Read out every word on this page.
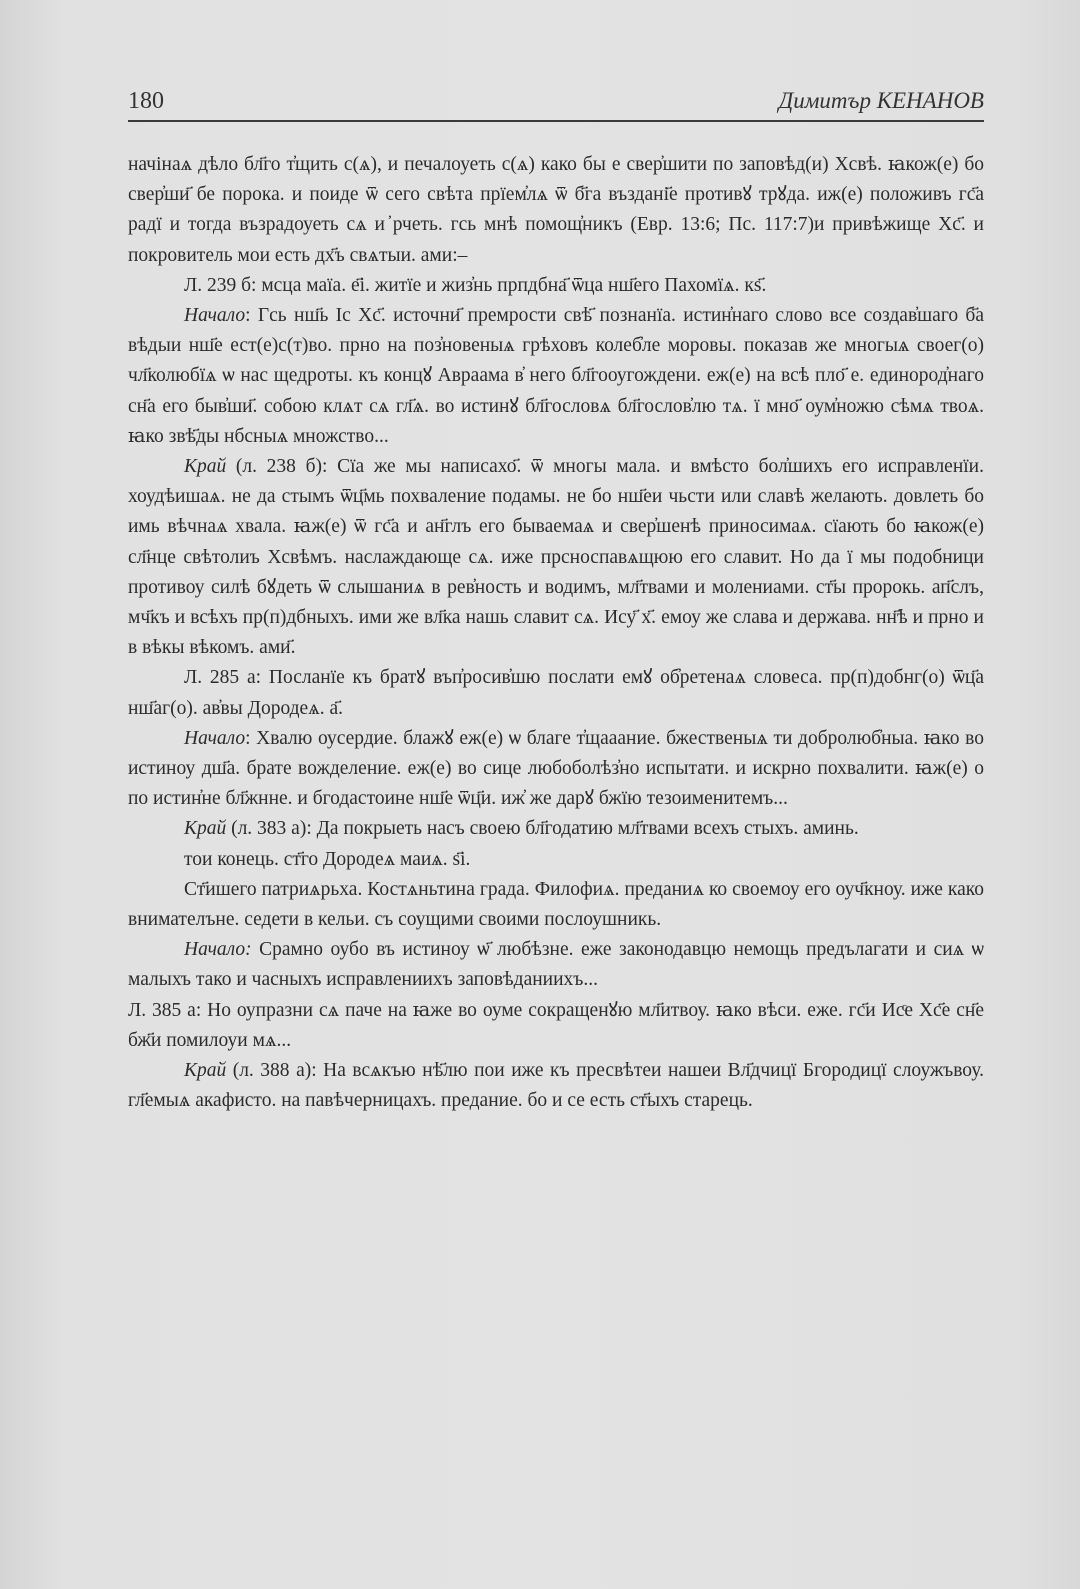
180	Димитър КЕНАНОВ

начінаѧ дѣло бл҃го т҆щить с(ѧ), и печалоуеть с(ѧ) како бы е свер҆шити по заповѣд(и) Хсвѣ. ꙗкож(е) бо свер҆ши҃ бе порока. и поиде ѿ сего свѣта прїем҆лѧ ѿ б҃га въздані҃е противꙋ трꙋда. иж(е) положивъ гс҃а радї и тогда възрадоуеть сѧ и ҆рчеть. гсь мнѣ помощ҆никъ (Евр. 13:6; Пс. 117:7)и привѣжище Хс҃. и покровитель мои есть дх҃ъ свѧтыи. ами:–

Л. 239 б: мсца маїа. е҃і. житїе и жиз҆нь прпдбна҃ ѿца нш҃его Пахомїѧ. кѕ҃.

Начало: Гсь нш҃ь Іс Хс҃. источни҃ премрости свѣ҃ познанїа. истин҆наго слово все создав҆шаго б҃а вѣдыи нш҃е ест(е)с(т)во. прно на поз҆новеныѧ грѣховъ колеб҆ле моровы. показав же многыѧ своег(о) чл҃колюбїѧ ѡ нас щедроты. къ концꙋ Авраама в҆ него бл҃гооугождени. еж(е) на всѣ пло҃ е. единород҆наго сн҃а его быв҆ши҃. собою клѧт сѧ гл҃ѧ. во истинꙋ бл҃гословѧ бл҃гослов҆лю тѧ. ї мно҃ оум҆ножю сѣмѧ твоѧ. ꙗко звѣ҃ды нбсныѧ множство...

Край (л. 238 б): Сїа же мы написахо҃. ѿ многы мала. и вмѣсто бол҆шихъ его исправленїи. хоудѣишаѧ. не да стымъ ѿц҃мь похваление подамы. не бо нш҃еи чьсти или славѣ желають. довлеть бо имь вѣчнаѧ хвала. ꙗж(е) ѿ гс҃а и ан҃глъ его бываемаѧ и свер҆шенѣ приносимаѧ. сїають бо ꙗкож(е) сл҃нце свѣтолиъ Хсвѣмъ. наслаждающе сѧ. иже прсноспавѧщюю его славит. Но да ї мы подобници противоу силѣ бꙋдеть ѿ слышаниѧ в рев҆ность и водимъ, мл҃твами и молениами. ст҃ы пророкь. ап҃слъ, мч҃къ и всѣхъ пр(п)дбныхъ. ими же вл҃ка нашь славит сѧ. Ису҃ х҃. емоу же слава и держава. нн҃ѣ и прно и в вѣкы вѣкомъ. ами҃.

Л. 285 а: Посланїе къ братꙋ въп҆росив҆шю послати емꙋ об҆ретенаѧ словеса. пр(п)добнг(о) ѿц҃а нш҃аг(о). ав҆вы Дородеѧ. а҃.

Начало: Хвалю оусердие. блажꙋ еж(е) ѡ благе т҆щааание. бжественыѧ ти добролюб҆ныа. ꙗко во истиноу дш҃а. брате вожделение. еж(е) во сице любоболѣз҆но испытати. и искрно похвалити. ꙗж(е) о по истин҆не бл҃жнне. и бгодастоине нш҃е ѿц҃и. иж҆ же дарꙋ бжїю тезоименитемъ...

Край (л. 383 а): Да покрыеть насъ своею бл҃годатию мл҃твами всехъ стыхъ. аминь.

тои конець. ст҃го Дородеѧ маиѧ. ѕ҃і.

Ст҃ишего патриѧрьха. Костѧньтина града. Филофиѧ. преданиѧ ко своемоу его оуч҃кноу. иже како внимателъне. седети в кельи. съ соущими своими послоушникь.

Начало: Срамно оубо въ истиноу ѡ҃ любѣзне. еже законодавцю немощь предълагати и сиѧ ѡ малыхъ тако и часныхъ исправленииxъ заповѣданииxъ...

Л. 385 а: Но оупразни сѧ паче на ꙗже во оуме сокращенꙋю мл҃итвоу. ꙗко вѣси. еже. гс҃и Исͨе Хс҃е сн҃е бж҃и помилоуи мѧ...

Край (л. 388 а): На всѧкъю нѣ҃лю пои иже къ пресвѣтеи нашеи Вл҃дчицї Бгородицї слоужъвоу. гл҃емыѧ акафисто. на павѣчерницахъ. предание. бо и се есть ст҃ыхъ старець.
